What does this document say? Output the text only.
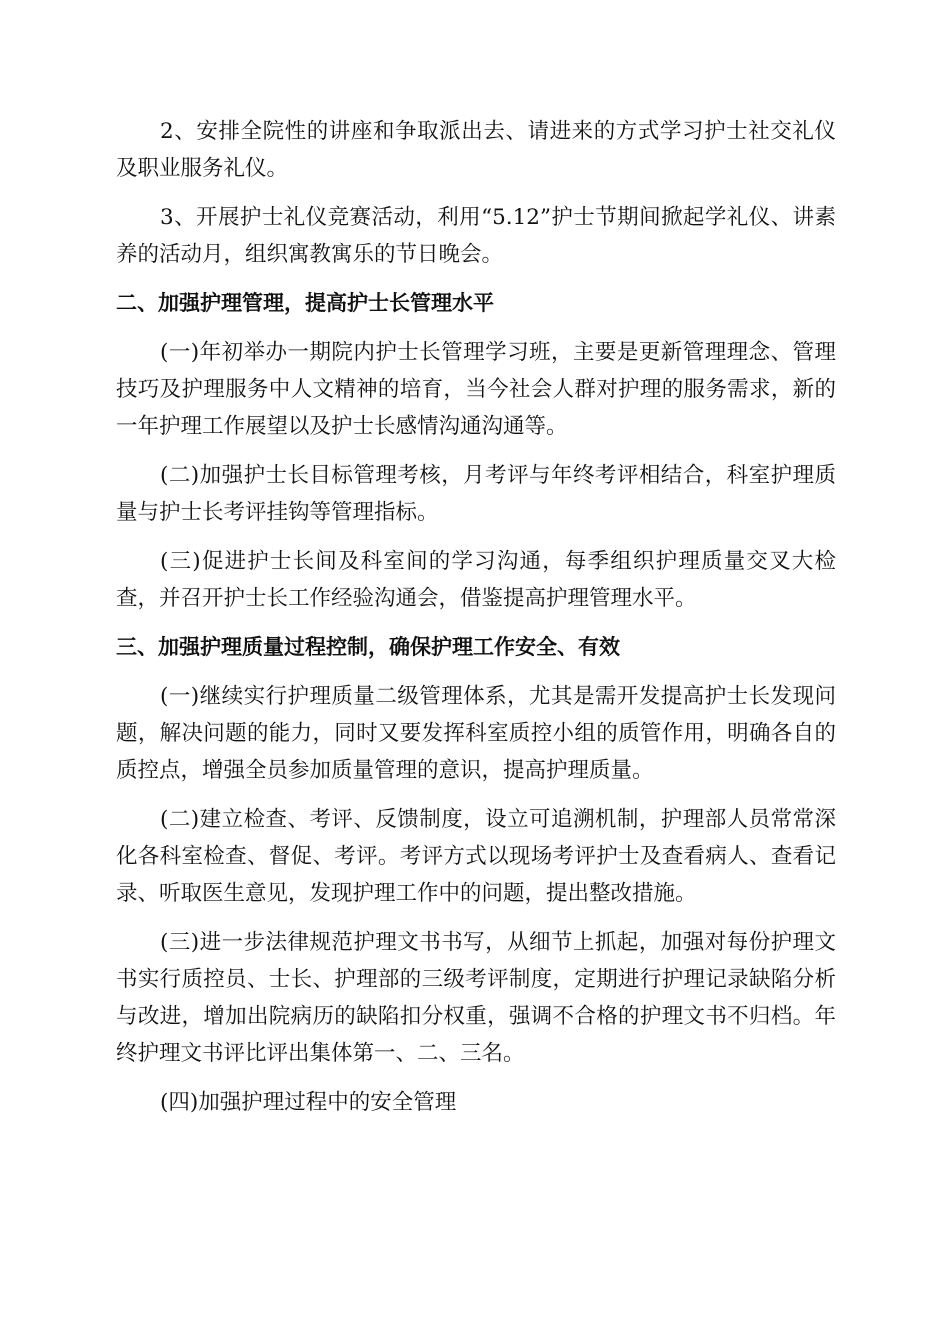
2、安排全院性的讲座和争取派出去、请进来的方式学习护士社交礼仪及职业服务礼仪。

3、开展护士礼仪竞赛活动，利用“5.12”护士节期间掀起学礼仪、讲素养的活动月，组织寓教寓乐的节日晚会。

二、加强护理管理，提高护士长管理水平

(一)年初举办一期院内护士长管理学习班，主要是更新管理理念、管理技巧及护理服务中人文精神的培育，当今社会人群对护理的服务需求，新的一年护理工作展望以及护士长感情沟通沟通等。

(二)加强护士长目标管理考核，月考评与年终考评相结合，科室护理质量与护士长考评挂钩等管理指标。

(三)促进护士长间及科室间的学习沟通，每季组织护理质量交叉大检查，并召开护士长工作经验沟通会，借鉴提高护理管理水平。

三、加强护理质量过程控制，确保护理工作安全、有效

(一)继续实行护理质量二级管理体系，尤其是需开发提高护士长发现问题，解决问题的能力，同时又要发挥科室质控小组的质管作用，明确各自的质控点，增强全员参加质量管理的意识，提高护理质量。

(二)建立检查、考评、反馈制度，设立可追溯机制，护理部人员常常深化各科室检查、督促、考评。考评方式以现场考评护士及查看病人、查看记录、听取医生意见，发现护理工作中的问题，提出整改措施。

(三)进一步法律规范护理文书书写，从细节上抓起，加强对每份护理文书实行质控员、士长、护理部的三级考评制度，定期进行护理记录缺陷分析与改进，增加出院病历的缺陷扣分权重，强调不合格的护理文书不归档。年终护理文书评比评出集体第一、二、三名。

(四)加强护理过程中的安全管理
